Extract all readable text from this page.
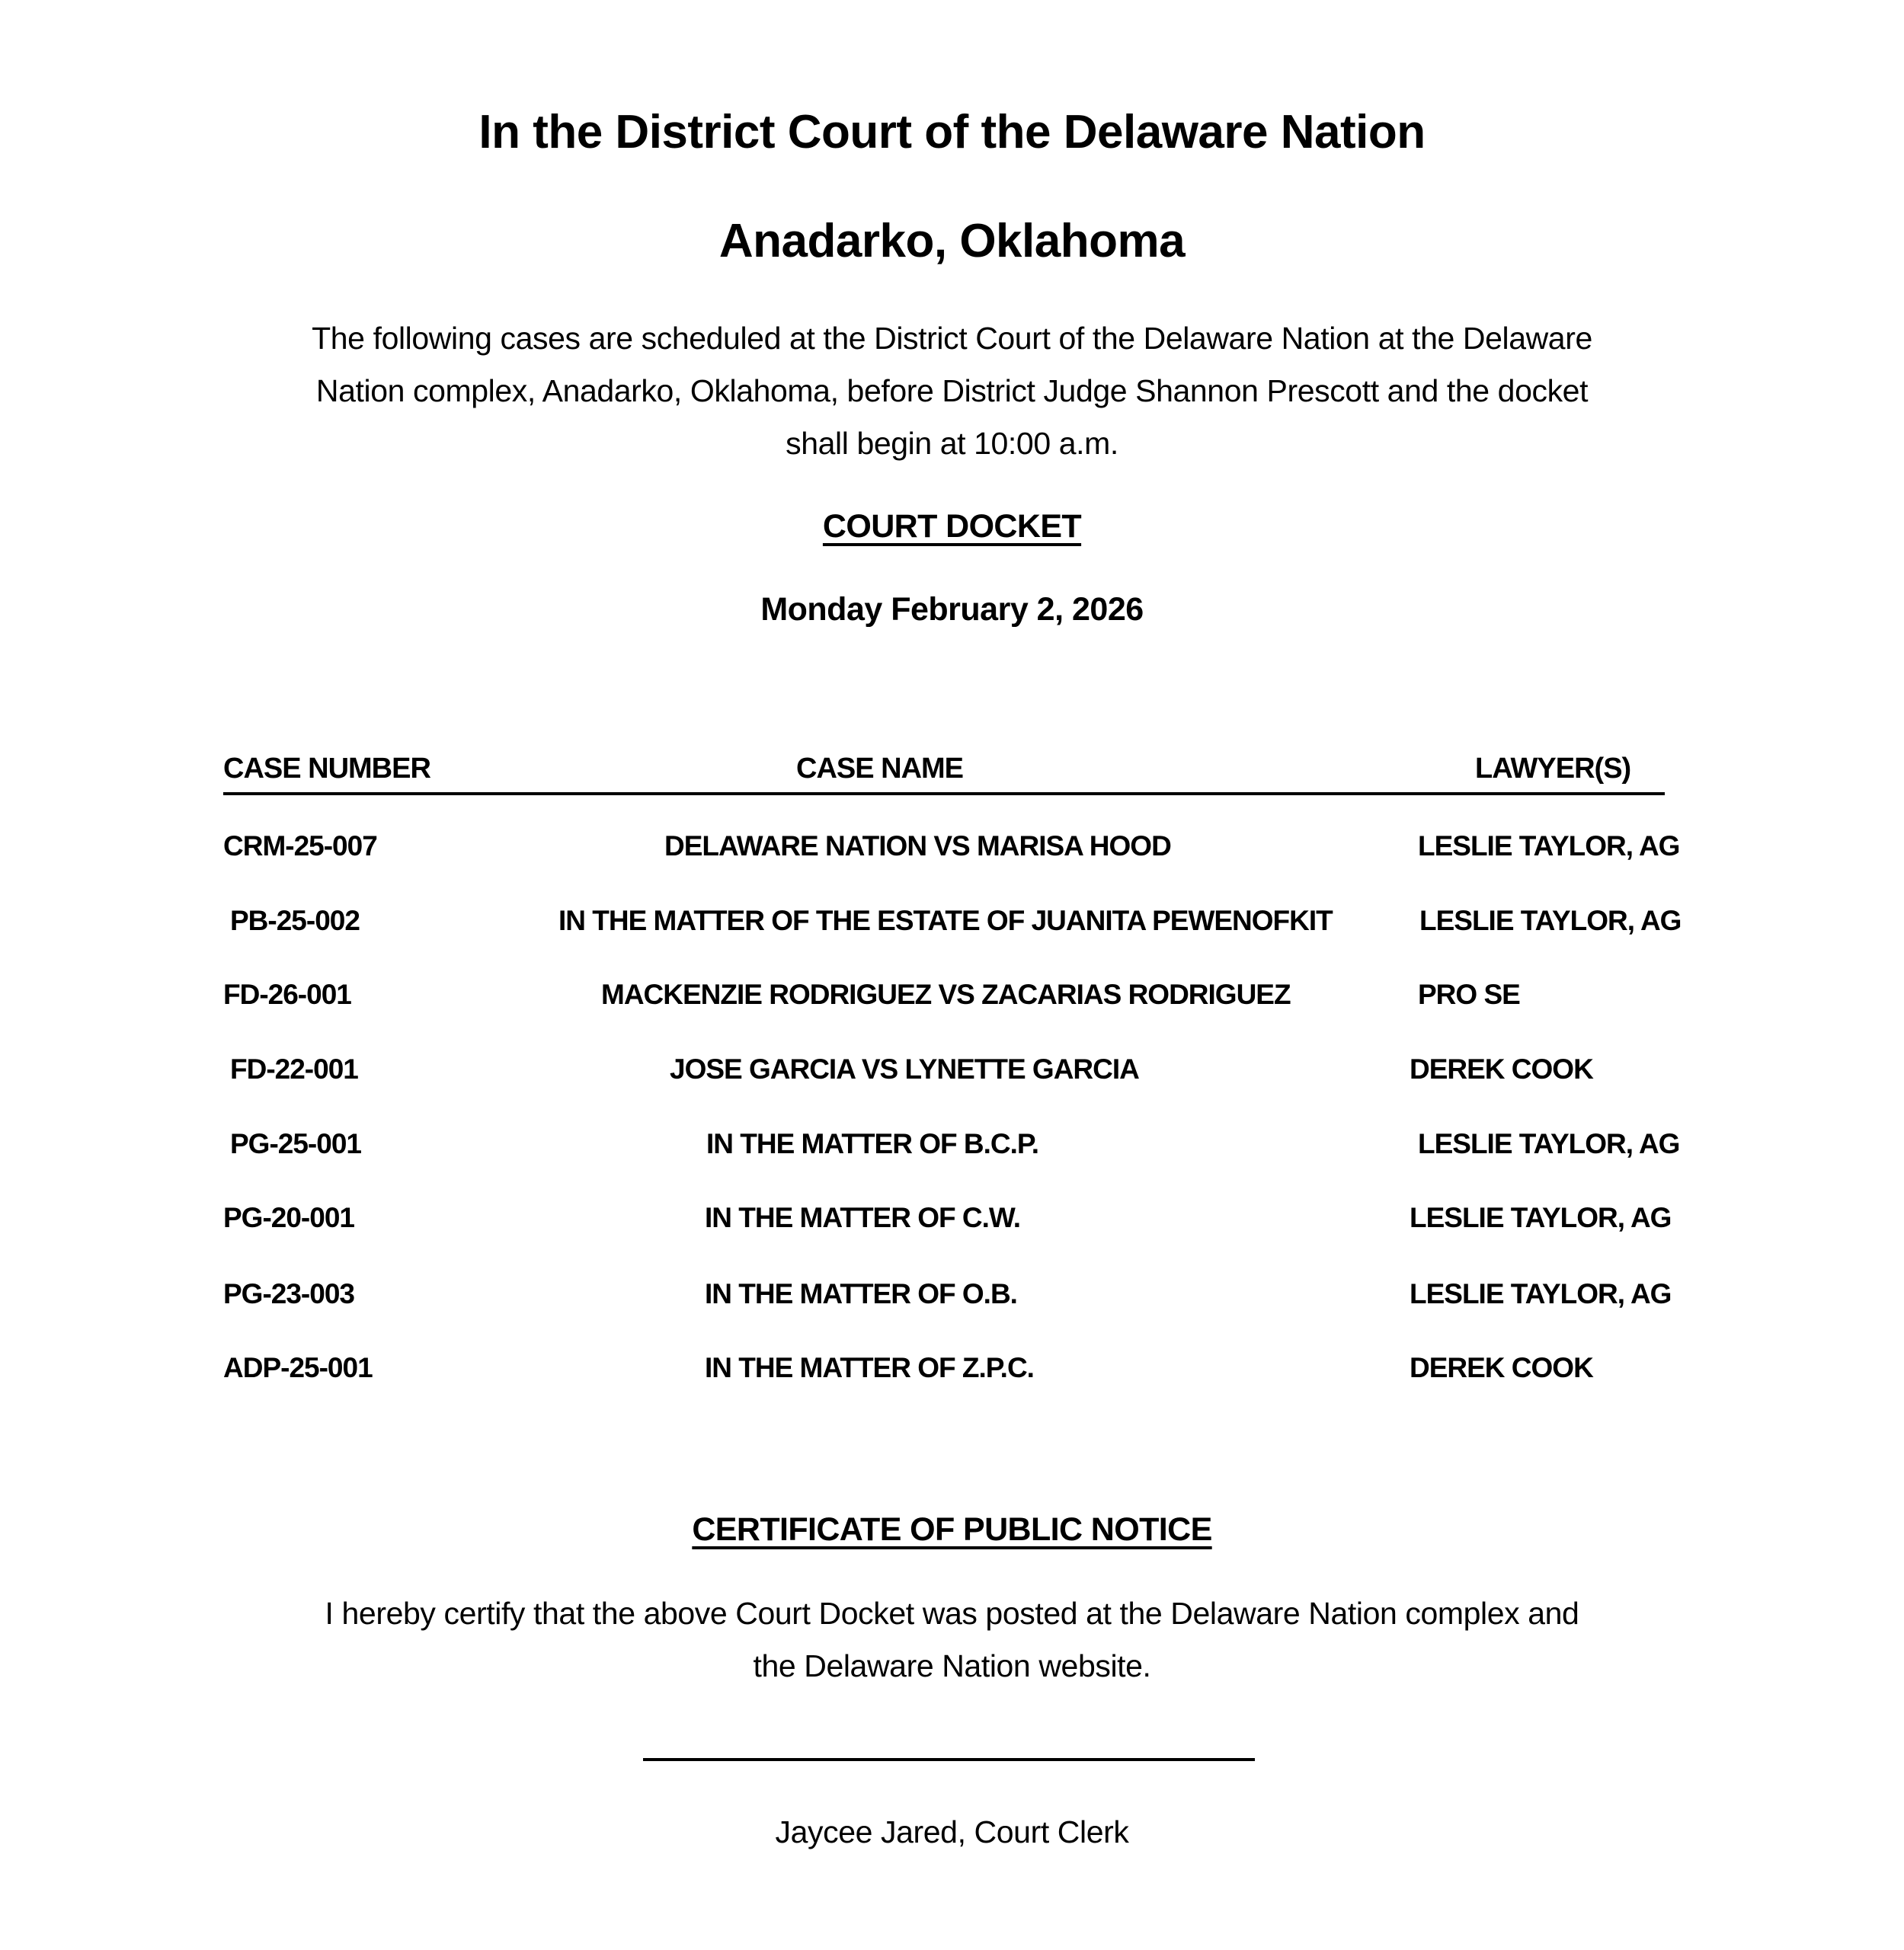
In the District Court of the Delaware Nation
Anadarko, Oklahoma
The following cases are scheduled at the District Court of the Delaware Nation at the Delaware
Nation complex, Anadarko, Oklahoma, before District Judge Shannon Prescott and the docket
shall begin at 10:00 a.m.
COURT DOCKET
Monday February 2, 2026
CASE NUMBER	CASE NAME	LAWYER(S)
CRM-25-007	DELAWARE NATION VS MARISA HOOD	LESLIE TAYLOR, AG
PB-25-002	IN THE MATTER OF THE ESTATE OF JUANITA PEWENOFKIT	LESLIE TAYLOR, AG
FD-26-001	MACKENZIE RODRIGUEZ VS ZACARIAS RODRIGUEZ	PRO SE
FD-22-001	JOSE GARCIA VS LYNETTE GARCIA	DEREK COOK
PG-25-001	IN THE MATTER OF B.C.P.	LESLIE TAYLOR, AG
PG-20-001	IN THE MATTER OF C.W.	LESLIE TAYLOR, AG
PG-23-003	IN THE MATTER OF O.B.	LESLIE TAYLOR, AG
ADP-25-001	IN THE MATTER OF Z.P.C.	DEREK COOK
CERTIFICATE OF PUBLIC NOTICE
I hereby certify that the above Court Docket was posted at the Delaware Nation complex and
the Delaware Nation website.
Jaycee Jared, Court Clerk
